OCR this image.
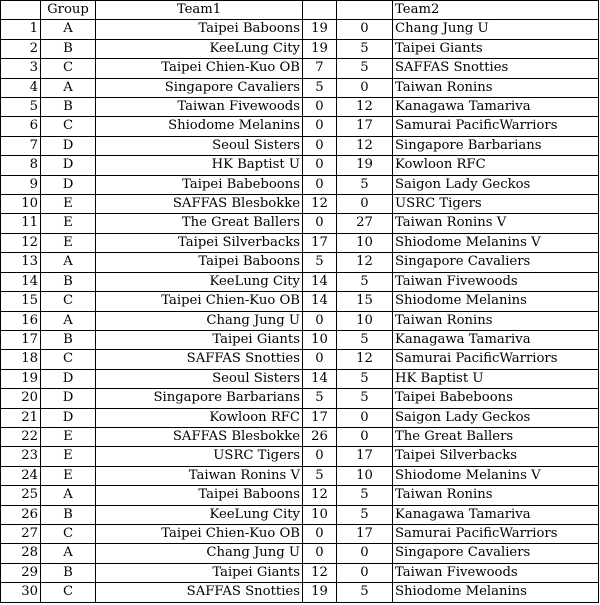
	Group	Team1			Team2
1	A	Taipei Baboons	19	0	Chang Jung U
2	B	KeeLung City	19	5	Taipei Giants
3	C	Taipei Chien-Kuo OB	7	5	SAFFAS Snotties
4	A	Singapore Cavaliers	5	0	Taiwan Ronins
5	B	Taiwan Fivewoods	0	12	Kanagawa Tamariva
6	C	Shiodome Melanins	0	17	Samurai PacificWarriors
7	D	Seoul Sisters	0	12	Singapore Barbarians
8	D	HK Baptist U	0	19	Kowloon RFC
9	D	Taipei Babeboons	0	5	Saigon Lady Geckos
10	E	SAFFAS Blesbokke	12	0	USRC Tigers
11	E	The Great Ballers	0	27	Taiwan Ronins V
12	E	Taipei Silverbacks	17	10	Shiodome Melanins V
13	A	Taipei Baboons	5	12	Singapore Cavaliers
14	B	KeeLung City	14	5	Taiwan Fivewoods
15	C	Taipei Chien-Kuo OB	14	15	Shiodome Melanins
16	A	Chang Jung U	0	10	Taiwan Ronins
17	B	Taipei Giants	10	5	Kanagawa Tamariva
18	C	SAFFAS Snotties	0	12	Samurai PacificWarriors
19	D	Seoul Sisters	14	5	HK Baptist U
20	D	Singapore Barbarians	5	5	Taipei Babeboons
21	D	Kowloon RFC	17	0	Saigon Lady Geckos
22	E	SAFFAS Blesbokke	26	0	The Great Ballers
23	E	USRC Tigers	0	17	Taipei Silverbacks
24	E	Taiwan Ronins V	5	10	Shiodome Melanins V
25	A	Taipei Baboons	12	5	Taiwan Ronins
26	B	KeeLung City	10	5	Kanagawa Tamariva
27	C	Taipei Chien-Kuo OB	0	17	Samurai PacificWarriors
28	A	Chang Jung U	0	0	Singapore Cavaliers
29	B	Taipei Giants	12	0	Taiwan Fivewoods
30	C	SAFFAS Snotties	19	5	Shiodome Melanins
